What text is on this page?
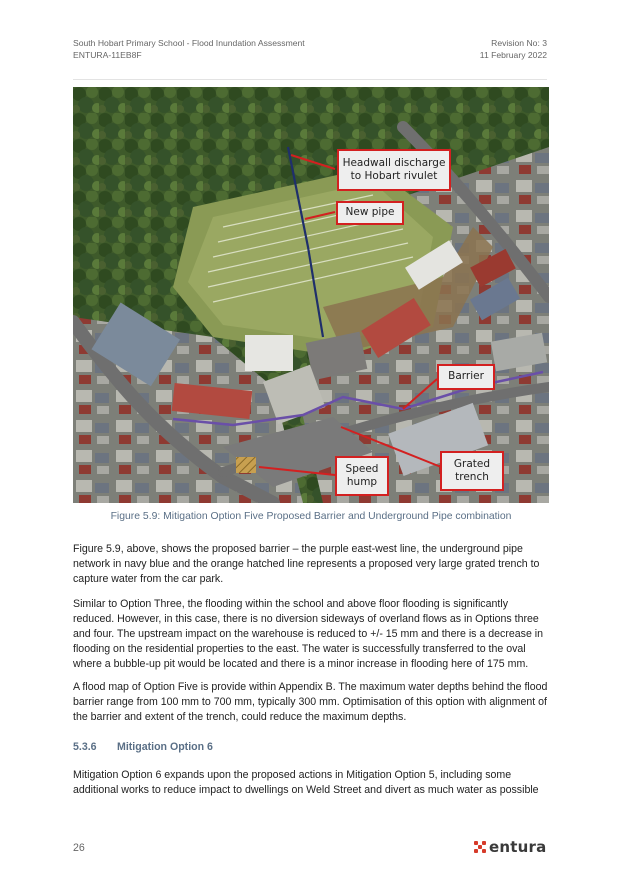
South Hobart Primary School - Flood Inundation Assessment
ENTURA-11EB8F
Revision No: 3
11 February 2022
Headwall discharge
to Hobart rivulet
New pipe
Barrier
Speed
hump
Grated
trench
Figure 5.9: Mitigation Option Five Proposed Barrier and Underground Pipe combination

Figure 5.9, above, shows the proposed barrier – the purple east-west line, the underground pipe network in navy blue and the orange hatched line represents a proposed very large grated trench to capture water from the car park.

Similar to Option Three, the flooding within the school and above floor flooding is significantly reduced. However, in this case, there is no diversion sideways of overland flows as in Options three and four. The upstream impact on the warehouse is reduced to +/- 15 mm and there is a decrease in flooding on the residential properties to the east. The water is successfully transferred to the oval where a bubble-up pit would be located and there is a minor increase in flooding here of 175 mm.

A flood map of Option Five is provide within Appendix B. The maximum water depths behind the flood barrier range from 100 mm to 700 mm, typically 300 mm. Optimisation of this option with alignment of the barrier and extent of the trench, could reduce the maximum depths.

5.3.6 Mitigation Option 6

Mitigation Option 6 expands upon the proposed actions in Mitigation Option 5, including some additional works to reduce impact to dwellings on Weld Street and divert as much water as possible

26	entura
